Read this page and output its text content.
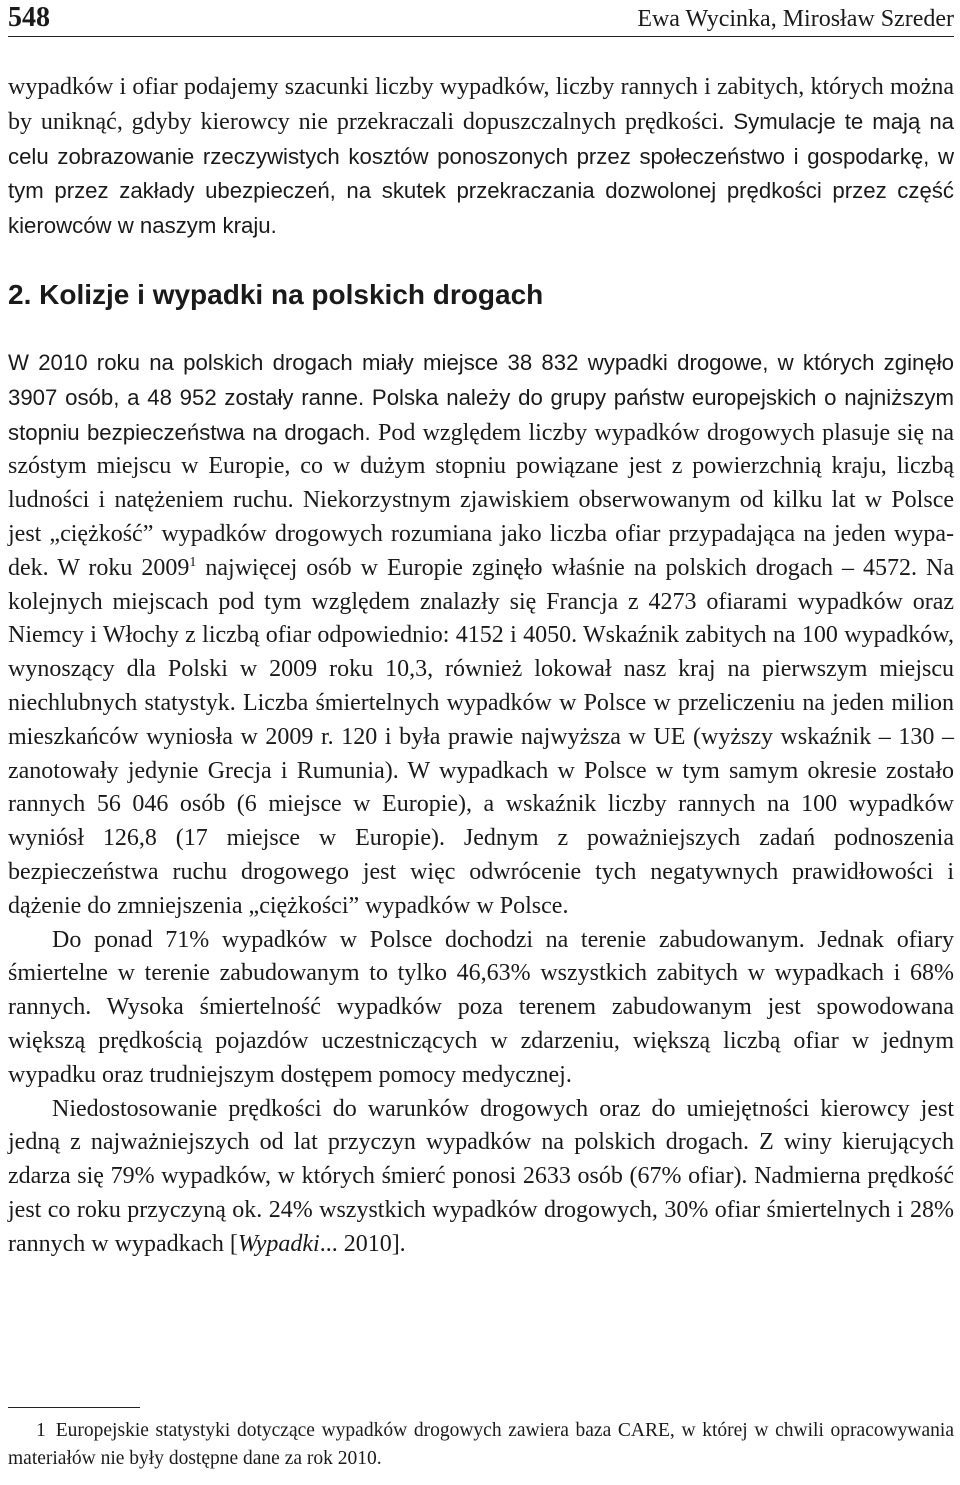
548	Ewa Wycinka, Mirosław Szreder

wypadków i ofiar podajemy szacunki liczby wypadków, liczby rannych i zabitych, których można by uniknąć, gdyby kierowcy nie przekraczali dopuszczalnych prędkości. Symulacje te mają na celu zobrazowanie rzeczywistych kosztów ponoszonych przez społeczeństwo i gospodarkę, w tym przez zakłady ubezpieczeń, na skutek przekraczania dozwolonej prędkości przez część kierowców w naszym kraju.

2. Kolizje i wypadki na polskich drogach

W 2010 roku na polskich drogach miały miejsce 38 832 wypadki drogowe, w których zginęło 3907 osób, a 48 952 zostały ranne. Polska należy do grupy państw europejskich o najniższym stopniu bezpieczeństwa na drogach. Pod względem liczby wypadków drogowych plasuje się na szóstym miejscu w Europie, co w dużym stopniu powiązane jest z powierzchnią kraju, liczbą ludności i natężeniem ruchu. Niekorzystnym zjawiskiem obserwowanym od kilku lat w Polsce jest „ciężkość” wypadków drogowych rozumiana jako liczba ofiar przypadająca na jeden wypadek. W roku 2009$^1$ najwięcej osób w Europie zginęło właśnie na polskich drogach – 4572. Na kolejnych miejscach pod tym względem znalazły się Francja z 4273 ofiarami wypadków oraz Niemcy i Włochy z liczbą ofiar odpowiednio: 4152 i 4050. Wskaźnik zabitych na 100 wypadków, wynoszący dla Polski w 2009 roku 10,3, również lokował nasz kraj na pierwszym miejscu niechlubnych statystyk. Liczba śmiertelnych wypadków w Polsce w przeliczeniu na jeden milion mieszkańców wyniosła w 2009 r. 120 i była prawie najwyższa w UE (wyższy wskaźnik – 130 – zanotowały jedynie Grecja i Rumunia). W wypadkach w Polsce w tym samym okresie zostało rannych 56 046 osób (6 miejsce w Europie), a wskaźnik liczby rannych na 100 wypadków wyniósł 126,8 (17 miejsce w Europie). Jednym z poważniejszych zadań podnoszenia bezpieczeństwa ruchu drogowego jest więc odwrócenie tych negatywnych prawidłowości i dążenie do zmniejszenia „ciężkości” wypadków w Polsce.

Do ponad 71% wypadków w Polsce dochodzi na terenie zabudowanym. Jednak ofiary śmiertelne w terenie zabudowanym to tylko 46,63% wszystkich zabitych w wypadkach i 68% rannych. Wysoka śmiertelność wypadków poza terenem zabudowanym jest spowodowana większą prędkością pojazdów uczestniczących w zdarzeniu, większą liczbą ofiar w jednym wypadku oraz trudniejszym dostępem pomocy medycznej.

Niedostosowanie prędkości do warunków drogowych oraz do umiejętności kierowcy jest jedną z najważniejszych od lat przyczyn wypadków na polskich drogach. Z winy kierujących zdarza się 79% wypadków, w których śmierć ponosi 2633 osób (67% ofiar). Nadmierna prędkość jest co roku przyczyną ok. 24% wszystkich wypadków drogowych, 30% ofiar śmiertelnych i 28% rannych w wypadkach [Wypadki... 2010].

1 Europejskie statystyki dotyczące wypadków drogowych zawiera baza CARE, w której w chwili opracowywania materiałów nie były dostępne dane za rok 2010.
